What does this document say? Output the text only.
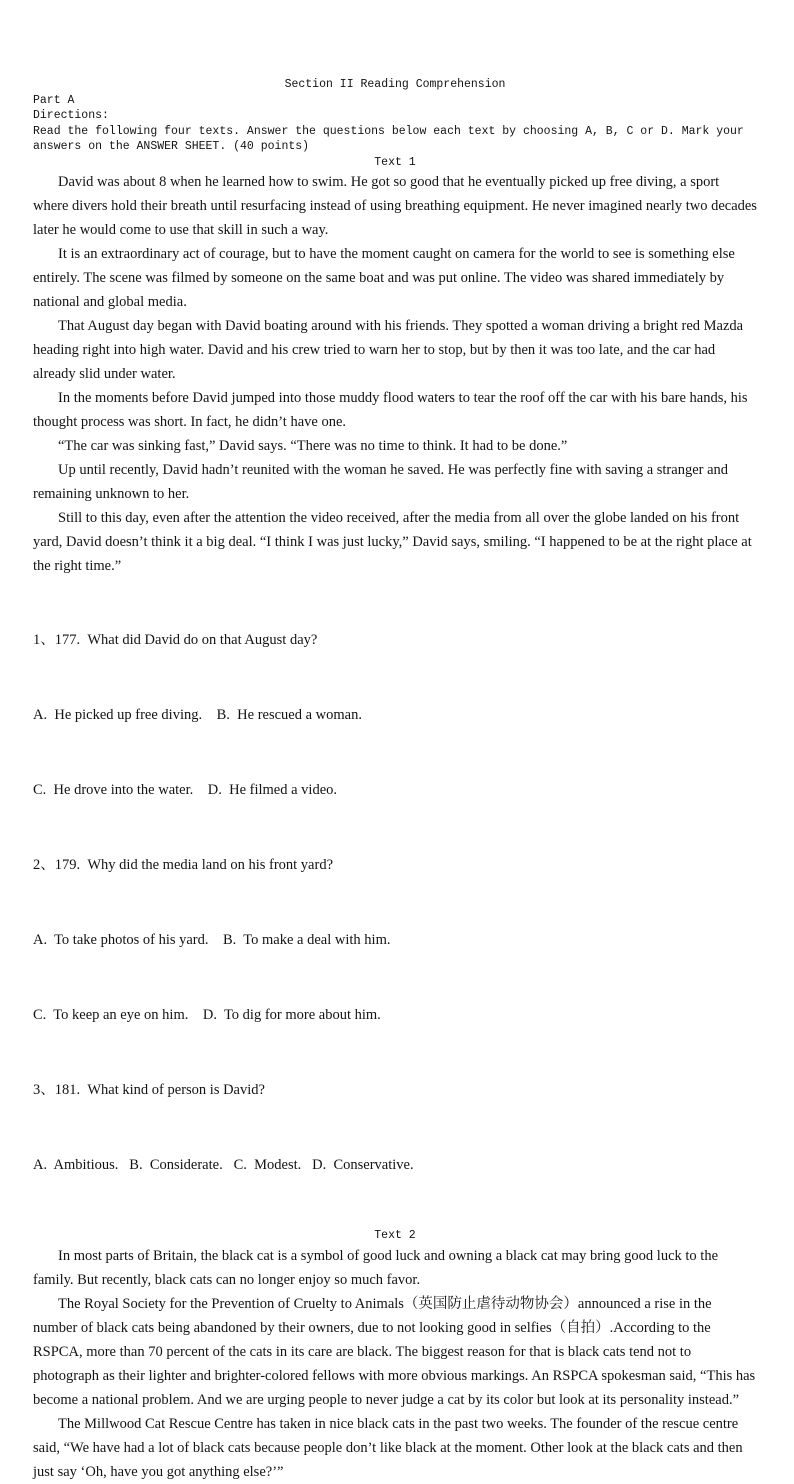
Section II Reading Comprehension
Part A
Directions:
Read the following four texts. Answer the questions below each text by choosing A, B, C or D. Mark your answers on the ANSWER SHEET. (40 points)
Text 1

David was about 8 when he learned how to swim. He got so good that he eventually picked up free diving, a sport where divers hold their breath until resurfacing instead of using breathing equipment. He never imagined nearly two decades later he would come to use that skill in such a way.

It is an extraordinary act of courage, but to have the moment caught on camera for the world to see is something else entirely. The scene was filmed by someone on the same boat and was put online. The video was shared immediately by national and global media.

That August day began with David boating around with his friends. They spotted a woman driving a bright red Mazda heading right into high water. David and his crew tried to warn her to stop, but by then it was too late, and the car had already slid under water.

In the moments before David jumped into those muddy flood waters to tear the roof off the car with his bare hands, his thought process was short. In fact, he didn’t have one.

“The car was sinking fast,” David says. “There was no time to think. It had to be done.”

Up until recently, David hadn’t reunited with the woman he saved. He was perfectly fine with saving a stranger and remaining unknown to her.

Still to this day, even after the attention the video received, after the media from all over the globe landed on his front yard, David doesn’t think it a big deal. “I think I was just lucky,” David says, smiling. “I happened to be at the right place at the right time.”

1、177.  What did David do on that August day?

A.  He picked up free diving.    B.  He rescued a woman.

C.  He drove into the water.    D.  He filmed a video.

2、179.  Why did the media land on his front yard?

A.  To take photos of his yard.    B.  To make a deal with him.

C.  To keep an eye on him.    D.  To dig for more about him.

3、181.  What kind of person is David?

A.  Ambitious.   B.  Considerate.   C.  Modest.   D.  Conservative.

Text 2

In most parts of Britain, the black cat is a symbol of good luck and owning a black cat may bring good luck to the family. But recently, black cats can no longer enjoy so much favor.

The Royal Society for the Prevention of Cruelty to Animals（英国防止虐待动物协会）announced a rise in the number of black cats being abandoned by their owners, due to not looking good in selfies（自拍）.According to the RSPCA, more than 70 percent of the cats in its care are black. The biggest reason for that is black cats tend not to photograph as their lighter and brighter-colored fellows with more obvious markings. An RSPCA spokesman said, “This has become a national problem. And we are urging people to never judge a cat by its color but look at its personality instead.”

The Millwood Cat Rescue Centre has taken in nice black cats in the past two weeks. The founder of the rescue centre said, “We have had a lot of black cats because people don’t like black at the moment. Other look at the black cats and then just say ‘Oh, have you got anything else?’”
